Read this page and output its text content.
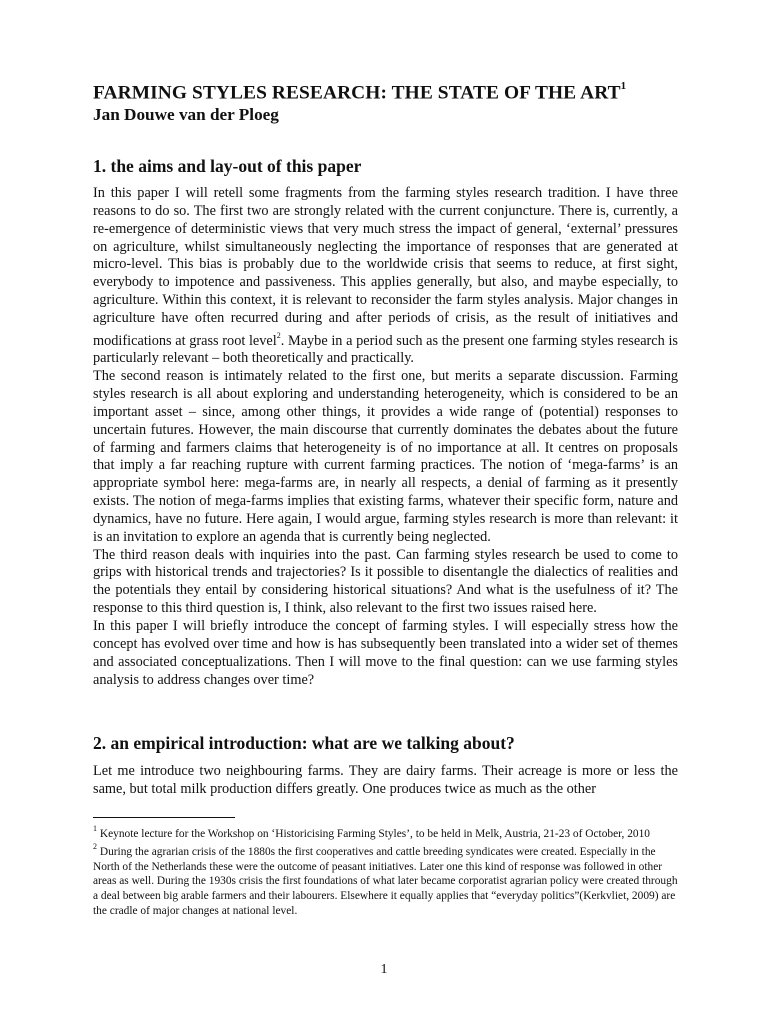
FARMING STYLES RESEARCH: THE STATE OF THE ART$^1$
Jan Douwe van der Ploeg
1. the aims and lay-out of this paper

In this paper I will retell some fragments from the farming styles research tradition. I have three reasons to do so. The first two are strongly related with the current conjuncture. There is, currently, a re-emergence of deterministic views that very much stress the impact of general, ‘external’ pressures on agriculture, whilst simultaneously neglecting the importance of responses that are generated at micro-level. This bias is probably due to the worldwide crisis that seems to reduce, at first sight, everybody to impotence and passiveness. This applies generally, but also, and maybe especially, to agriculture. Within this context, it is relevant to reconsider the farm styles analysis. Major changes in agriculture have often recurred during and after periods of crisis, as the result of initiatives and modifications at grass root level$^2$. Maybe in a period such as the present one farming styles research is particularly relevant – both theoretically and practically.

The second reason is intimately related to the first one, but merits a separate discussion. Farming styles research is all about exploring and understanding heterogeneity, which is considered to be an important asset – since, among other things, it provides a wide range of (potential) responses to uncertain futures. However, the main discourse that currently dominates the debates about the future of farming and farmers claims that heterogeneity is of no importance at all. It centres on proposals that imply a far reaching rupture with current farming practices. The notion of ‘mega-farms’ is an appropriate symbol here: mega-farms are, in nearly all respects, a denial of farming as it presently exists. The notion of mega-farms implies that existing farms, whatever their specific form, nature and dynamics, have no future. Here again, I would argue, farming styles research is more than relevant: it is an invitation to explore an agenda that is currently being neglected.

The third reason deals with inquiries into the past. Can farming styles research be used to come to grips with historical trends and trajectories? Is it possible to disentangle the dialectics of realities and the potentials they entail by considering historical situations? And what is the usefulness of it? The response to this third question is, I think, also relevant to the first two issues raised here.

In this paper I will briefly introduce the concept of farming styles. I will especially stress how the concept has evolved over time and how is has subsequently been translated into a wider set of themes and associated conceptualizations. Then I will move to the final question: can we use farming styles analysis to address changes over time?

2. an empirical introduction: what are we talking about?

Let me introduce two neighbouring farms. They are dairy farms. Their acreage is more or less the same, but total milk production differs greatly. One produces twice as much as the other

$^1$ Keynote lecture for the Workshop on ‘Historicising Farming Styles’, to be held in Melk, Austria, 21-23 of October, 2010

$^2$ During the agrarian crisis of the 1880s the first cooperatives and cattle breeding syndicates were created. Especially in the North of the Netherlands these were the outcome of peasant initiatives. Later one this kind of response was followed in other areas as well. During the 1930s crisis the first foundations of what later became corporatist agrarian policy were created through a deal between big arable farmers and their labourers. Elsewhere it equally applies that “everyday politics”(Kerkvliet, 2009) are the cradle of major changes at national level.

1
